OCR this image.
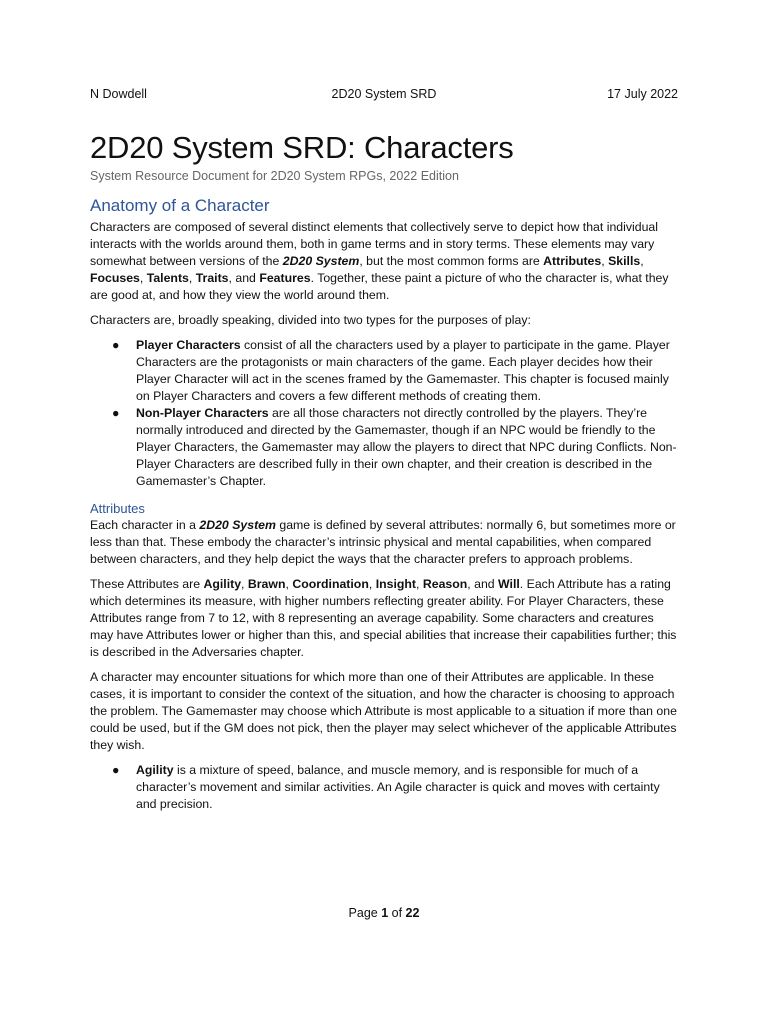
N Dowdell	2D20 System SRD	17 July 2022
2D20 System SRD: Characters
System Resource Document for 2D20 System RPGs, 2022 Edition
Anatomy of a Character

Characters are composed of several distinct elements that collectively serve to depict how that individual interacts with the worlds around them, both in game terms and in story terms. These elements may vary somewhat between versions of the 2D20 System, but the most common forms are Attributes, Skills, Focuses, Talents, Traits, and Features. Together, these paint a picture of who the character is, what they are good at, and how they view the world around them.

Characters are, broadly speaking, divided into two types for the purposes of play:

● Player Characters consist of all the characters used by a player to participate in the game. Player Characters are the protagonists or main characters of the game. Each player decides how their Player Character will act in the scenes framed by the Gamemaster. This chapter is focused mainly on Player Characters and covers a few different methods of creating them.
● Non-Player Characters are all those characters not directly controlled by the players. They’re normally introduced and directed by the Gamemaster, though if an NPC would be friendly to the Player Characters, the Gamemaster may allow the players to direct that NPC during Conflicts. Non-Player Characters are described fully in their own chapter, and their creation is described in the Gamemaster’s Chapter.
Attributes

Each character in a 2D20 System game is defined by several attributes: normally 6, but sometimes more or less than that. These embody the character’s intrinsic physical and mental capabilities, when compared between characters, and they help depict the ways that the character prefers to approach problems.

These Attributes are Agility, Brawn, Coordination, Insight, Reason, and Will. Each Attribute has a rating which determines its measure, with higher numbers reflecting greater ability. For Player Characters, these Attributes range from 7 to 12, with 8 representing an average capability. Some characters and creatures may have Attributes lower or higher than this, and special abilities that increase their capabilities further; this is described in the Adversaries chapter.

A character may encounter situations for which more than one of their Attributes are applicable. In these cases, it is important to consider the context of the situation, and how the character is choosing to approach the problem. The Gamemaster may choose which Attribute is most applicable to a situation if more than one could be used, but if the GM does not pick, then the player may select whichever of the applicable Attributes they wish.

● Agility is a mixture of speed, balance, and muscle memory, and is responsible for much of a character’s movement and similar activities. An Agile character is quick and moves with certainty and precision.
Page 1 of 22
